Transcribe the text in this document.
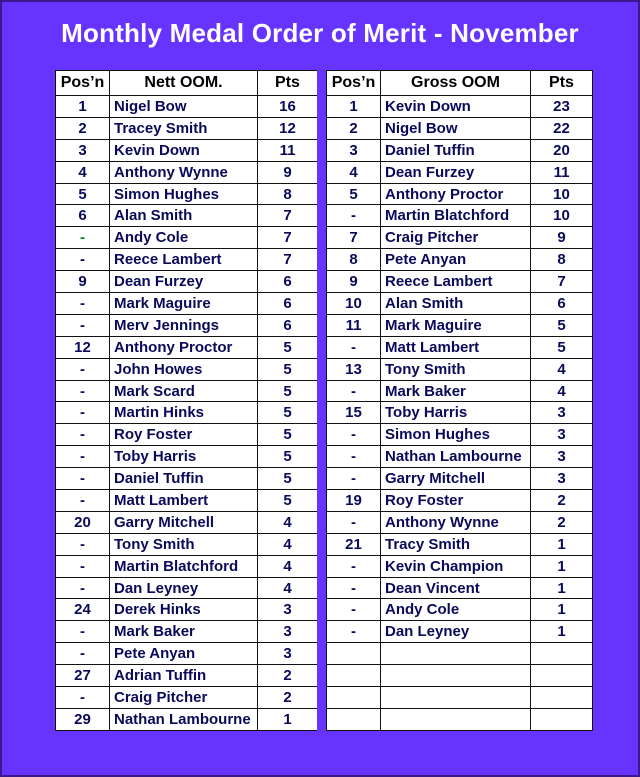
Monthly Medal Order of Merit - November
Pos’n	Nett OOM.	Pts
1	Nigel Bow	16
2	Tracey Smith	12
3	Kevin Down	11
4	Anthony Wynne	9
5	Simon Hughes	8
6	Alan Smith	7
-	Andy Cole	7
-	Reece Lambert	7
9	Dean Furzey	6
-	Mark Maguire	6
-	Merv Jennings	6
12	Anthony Proctor	5
-	John Howes	5
-	Mark Scard	5
-	Martin Hinks	5
-	Roy Foster	5
-	Toby Harris	5
-	Daniel Tuffin	5
-	Matt Lambert	5
20	Garry Mitchell	4
-	Tony Smith	4
-	Martin Blatchford	4
-	Dan Leyney	4
24	Derek Hinks	3
-	Mark Baker	3
-	Pete Anyan	3
27	Adrian Tuffin	2
-	Craig Pitcher	2
29	Nathan Lambourne	1
Pos’n	Gross OOM	Pts
1	Kevin Down	23
2	Nigel Bow	22
3	Daniel Tuffin	20
4	Dean Furzey	11
5	Anthony Proctor	10
-	Martin Blatchford	10
7	Craig Pitcher	9
8	Pete Anyan	8
9	Reece Lambert	7
10	Alan Smith	6
11	Mark Maguire	5
-	Matt Lambert	5
13	Tony Smith	4
-	Mark Baker	4
15	Toby Harris	3
-	Simon Hughes	3
-	Nathan Lambourne	3
-	Garry Mitchell	3
19	Roy Foster	2
-	Anthony Wynne	2
21	Tracy Smith	1
-	Kevin Champion	1
-	Dean Vincent	1
-	Andy Cole	1
-	Dan Leyney	1
